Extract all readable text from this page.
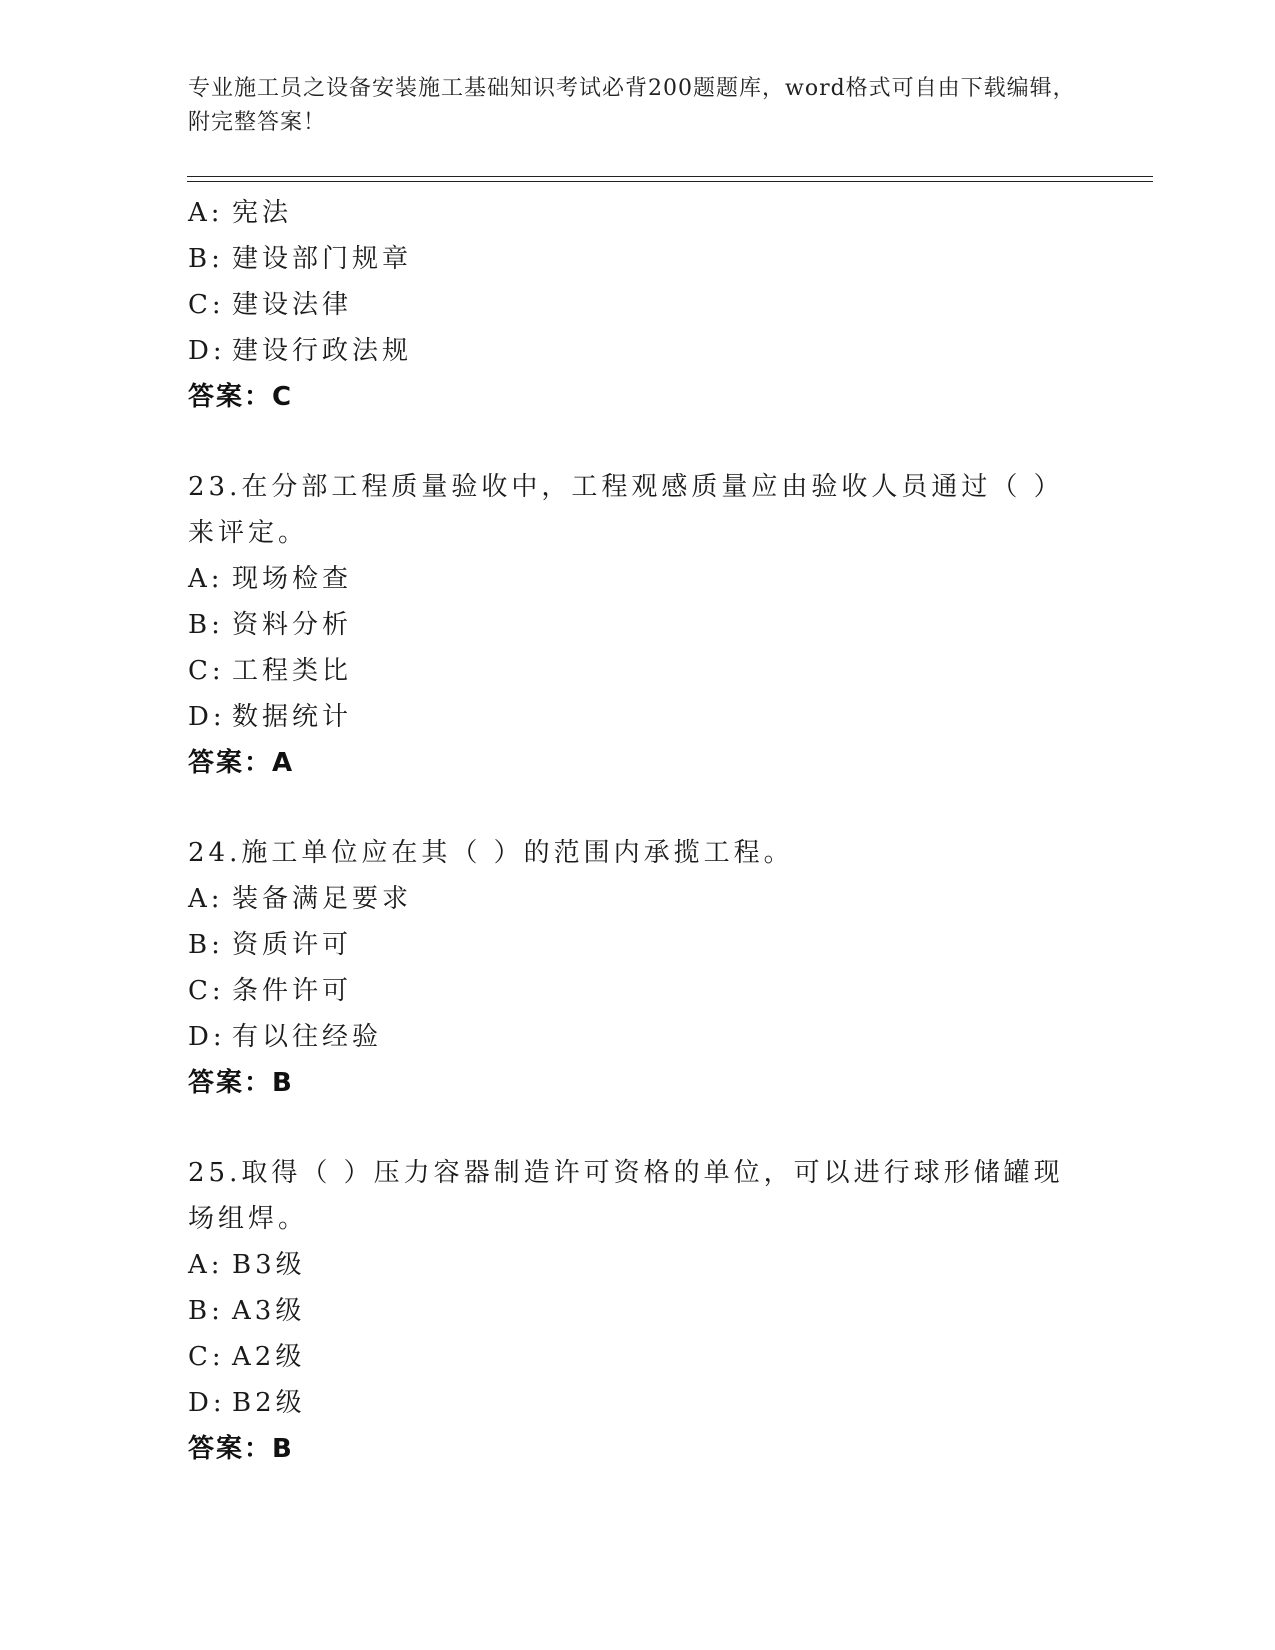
专业施工员之设备安装施工基础知识考试必背200题题库，word格式可自由下载编辑，附完整答案！
A: 宪法
B: 建设部门规章
C: 建设法律
D: 建设行政法规
答案：C
23.在分部工程质量验收中，工程观感质量应由验收人员通过（ ）来评定。
A: 现场检查
B: 资料分析
C: 工程类比
D: 数据统计
答案：A
24.施工单位应在其（ ）的范围内承揽工程。
A: 装备满足要求
B: 资质许可
C: 条件许可
D: 有以往经验
答案：B
25.取得（ ）压力容器制造许可资格的单位，可以进行球形储罐现场组焊。
A: B3级
B: A3级
C: A2级
D: B2级
答案：B
